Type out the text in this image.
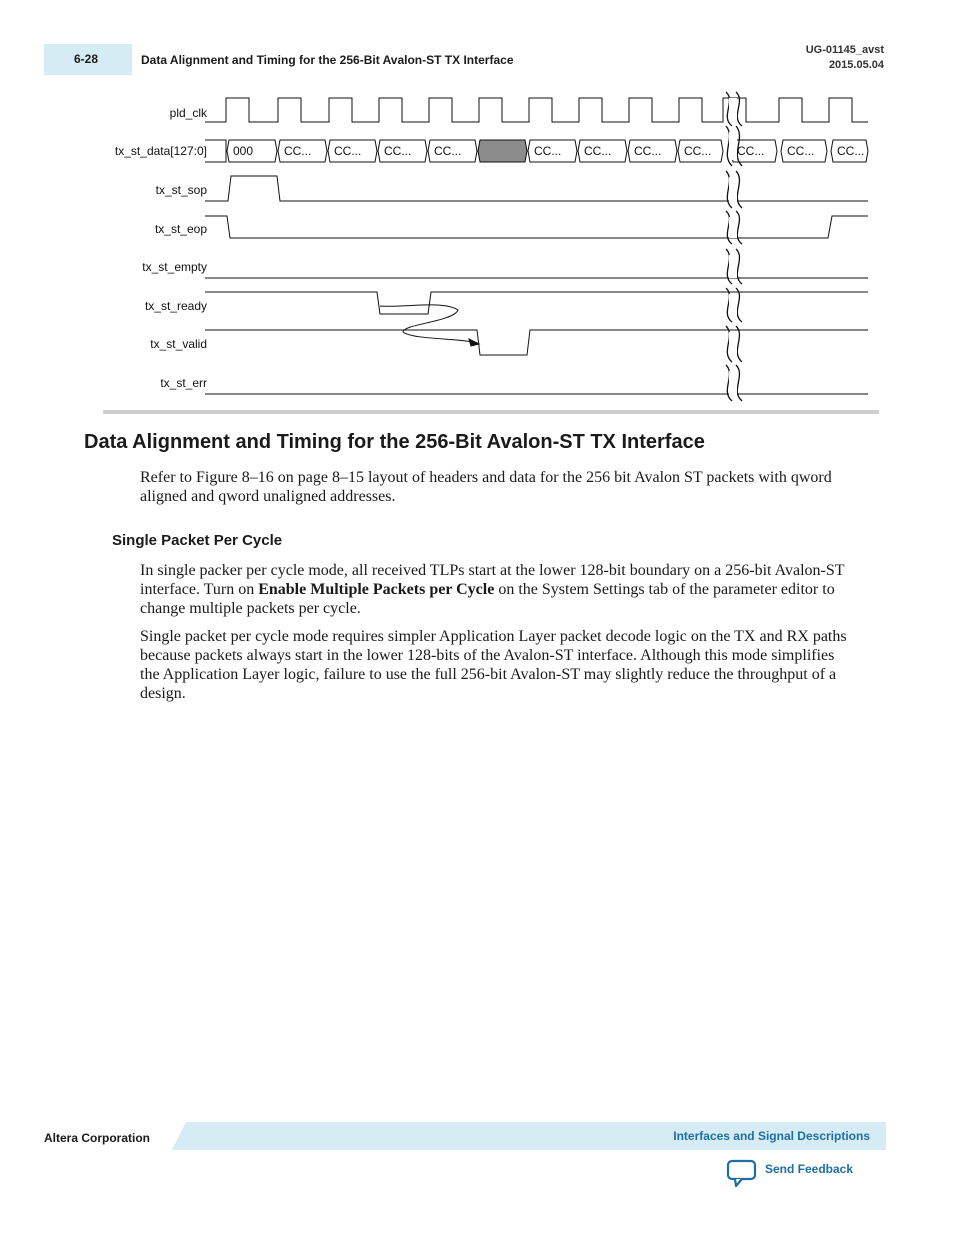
6-28	Data Alignment and Timing for the 256-Bit Avalon-ST TX Interface
UG-01145_avst
2015.05.04
pld_clk
tx_st_data[127:0]
tx_st_sop
tx_st_eop
tx_st_empty
tx_st_ready
tx_st_valid
tx_st_err
000	CC... CC... CC... CC...	CC... CC... CC... CC... CC... CC... CC...
Data Alignment and Timing for the 256-Bit Avalon-ST TX Interface
Refer to Figure 8–16 on page 8–15 layout of headers and data for the 256 bit Avalon ST packets with qword aligned and qword unaligned addresses.
Single Packet Per Cycle
In single packer per cycle mode, all received TLPs start at the lower 128-bit boundary on a 256-bit Avalon-ST interface. Turn on Enable Multiple Packets per Cycle on the System Settings tab of the parameter editor to change multiple packets per cycle.
Single packet per cycle mode requires simpler Application Layer packet decode logic on the TX and RX paths because packets always start in the lower 128-bits of the Avalon-ST interface. Although this mode simplifies the Application Layer logic, failure to use the full 256-bit Avalon-ST may slightly reduce the throughput of a design.
Altera Corporation	Interfaces and Signal Descriptions
Send Feedback
